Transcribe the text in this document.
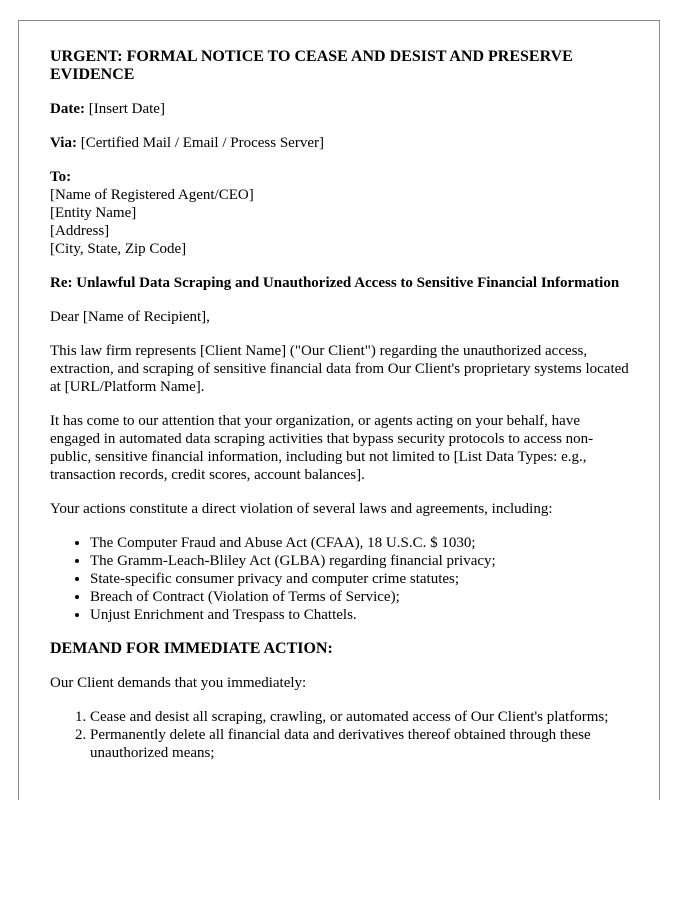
URGENT: FORMAL NOTICE TO CEASE AND DESIST AND PRESERVE EVIDENCE

Date: [Insert Date]

Via: [Certified Mail / Email / Process Server]

To:
[Name of Registered Agent/CEO]
[Entity Name]
[Address]
[City, State, Zip Code]

Re: Unlawful Data Scraping and Unauthorized Access to Sensitive Financial Information

Dear [Name of Recipient],

This law firm represents [Client Name] ("Our Client") regarding the unauthorized access, extraction, and scraping of sensitive financial data from Our Client's proprietary systems located at [URL/Platform Name].

It has come to our attention that your organization, or agents acting on your behalf, have engaged in automated data scraping activities that bypass security protocols to access non-public, sensitive financial information, including but not limited to [List Data Types: e.g., transaction records, credit scores, account balances].

Your actions constitute a direct violation of several laws and agreements, including:

• The Computer Fraud and Abuse Act (CFAA), 18 U.S.C. $ 1030;
• The Gramm-Leach-Bliley Act (GLBA) regarding financial privacy;
• State-specific consumer privacy and computer crime statutes;
• Breach of Contract (Violation of Terms of Service);
• Unjust Enrichment and Trespass to Chattels.
DEMAND FOR IMMEDIATE ACTION:

Our Client demands that you immediately:

1. Cease and desist all scraping, crawling, or automated access of Our Client's platforms;
2. Permanently delete all financial data and derivatives thereof obtained through these unauthorized means;
